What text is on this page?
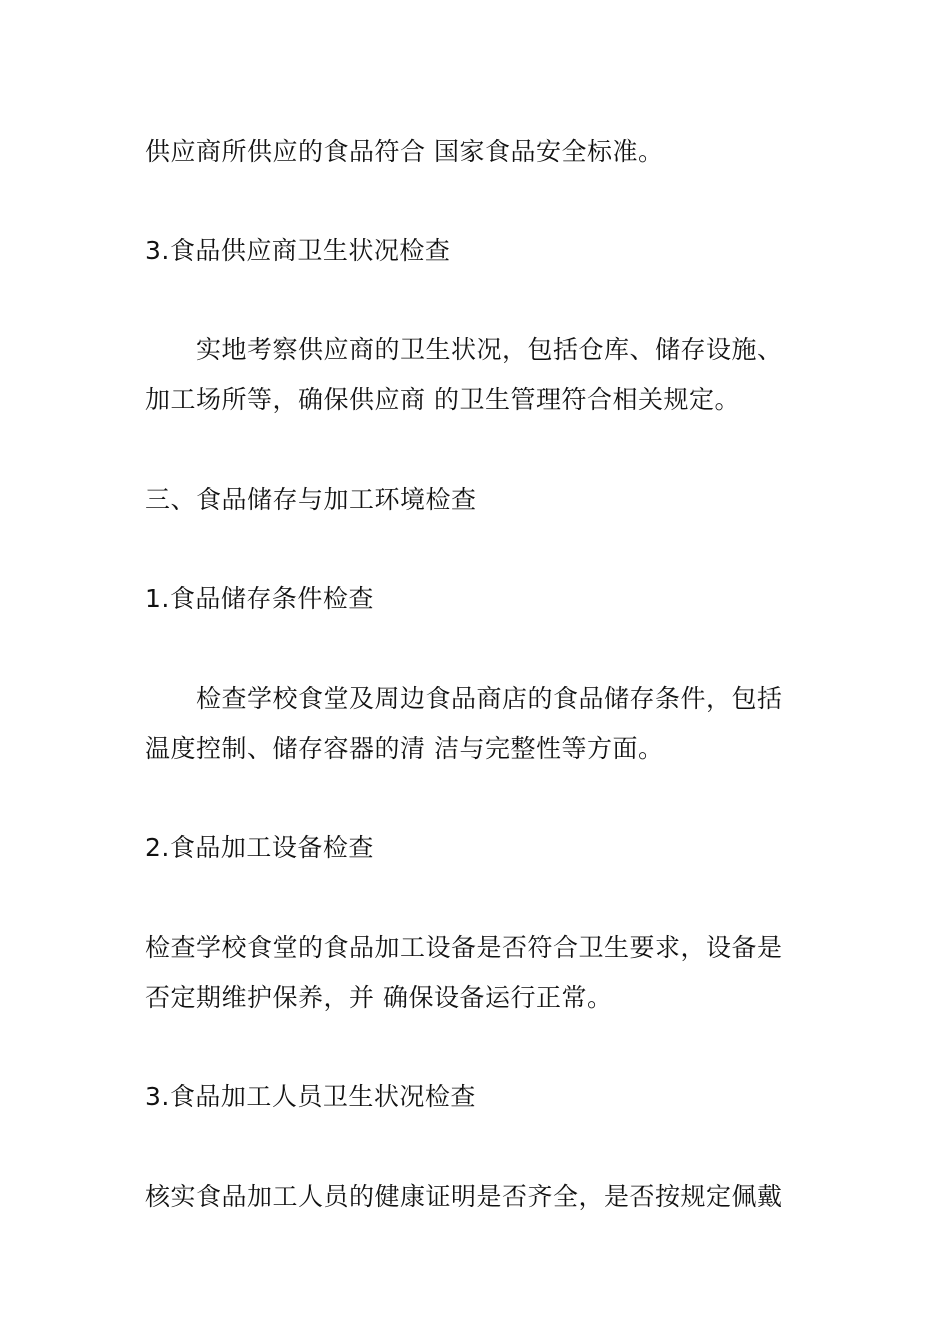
供应商所供应的食品符合 国家食品安全标准。
3.食品供应商卫生状况检查
实地考察供应商的卫生状况，包括仓库、储存设施、
加工场所等，确保供应商 的卫生管理符合相关规定。
三、食品储存与加工环境检查
1.食品储存条件检查
检查学校食堂及周边食品商店的食品储存条件，包括
温度控制、储存容器的清 洁与完整性等方面。
2.食品加工设备检查
检查学校食堂的食品加工设备是否符合卫生要求，设备是
否定期维护保养，并 确保设备运行正常。
3.食品加工人员卫生状况检查
核实食品加工人员的健康证明是否齐全，是否按规定佩戴
